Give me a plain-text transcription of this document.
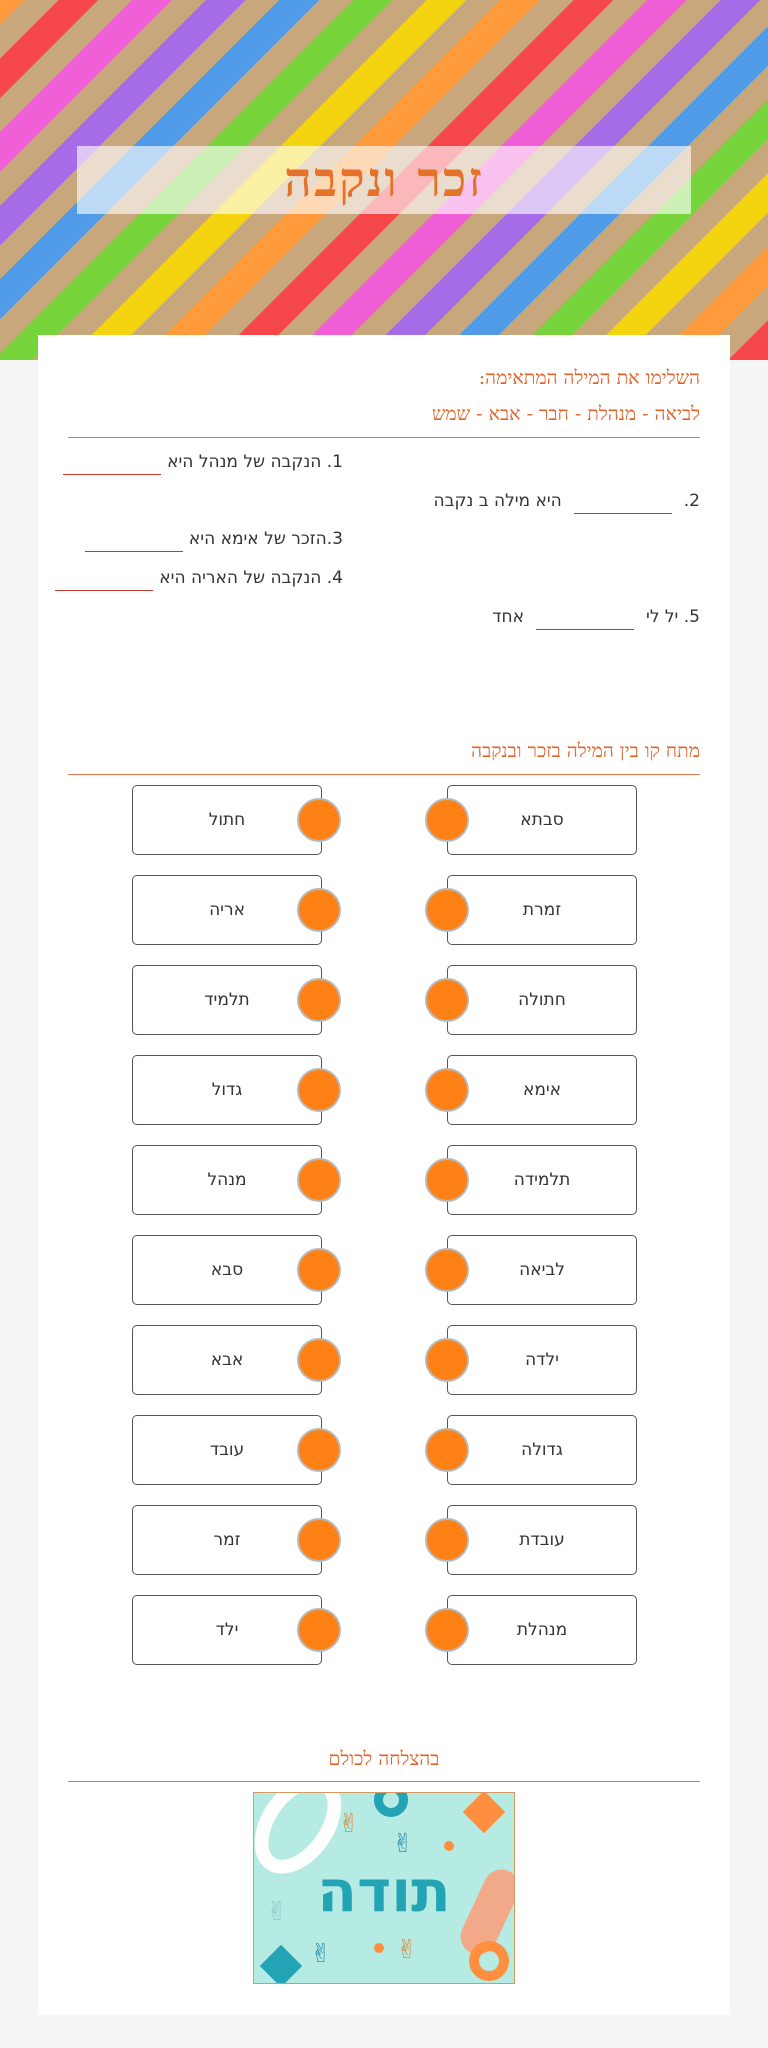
זכר ונקבה
השלימו את המילה המתאימה:
לביאה - מנהלת - חבר - אבא - שמש
1. הנקבה של מנהל היא
2.
היא מילה ב נקבה
3.הזכר של אימא היא
4. הנקבה של האריה היא
5. יל לי
אחד
מתח קו בין המילה בזכר ובנקבה
סבתא
חתול
זמרת
אריה
חתולה
תלמיד
אימא
גדול
תלמידה
מנהל
לביאה
סבא
ילדה
אבא
גדולה
עובד
עובדת
זמר
מנהלת
ילד
בהצלחה לכולם
✌
✌
✌
✌ ✌
תודה
